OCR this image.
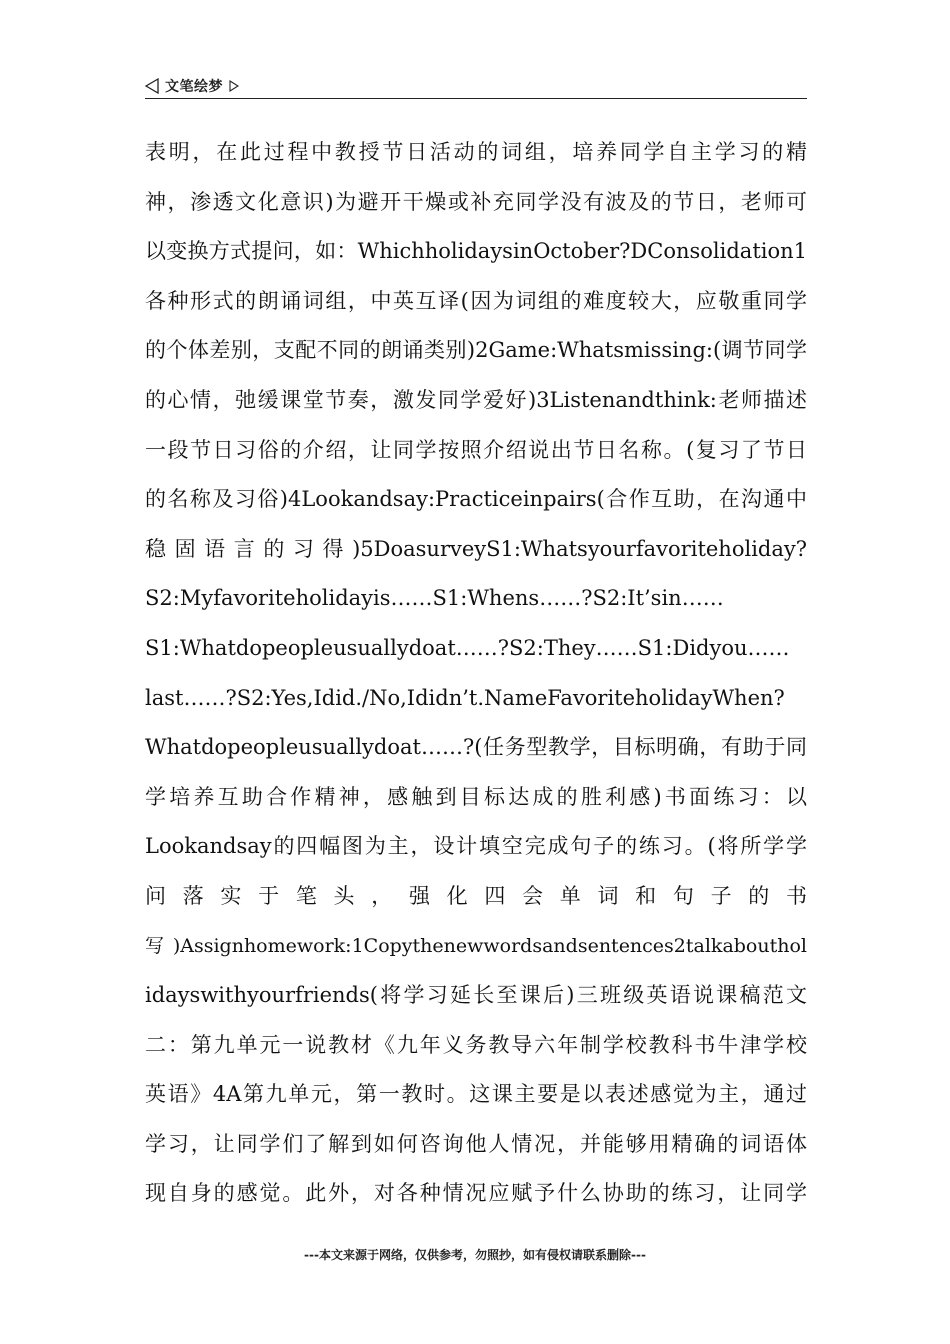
文笔绘梦
表明，在此过程中教授节日活动的词组，培养同学自主学习的精
神，渗透文化意识)为避开干燥或补充同学没有波及的节日，老师可
以变换方式提问，如：WhichholidaysinOctober?DConsolidation1
各种形式的朗诵词组，中英互译(因为词组的难度较大，应敬重同学
的个体差别，支配不同的朗诵类别)2Game:Whatsmissing:(调节同学
的心情，弛缓课堂节奏，激发同学爱好)3Listenandthink:老师描述
一段节日习俗的介绍，让同学按照介绍说出节日名称。(复习了节日
的名称及习俗)4Lookandsay:Practiceinpairs(合作互助，在沟通中
稳 固 语 言 的 习 得 )5DoasurveyS1:Whatsyourfavoriteholiday?
S2:Myfavoriteholidayis……S1:Whens……?S2:It’sin……
S1:Whatdopeopleusuallydoat……?S2:They……S1:Didyou……
last……?S2:Yes,Idid./No,Ididn’t.NameFavoriteholidayWhen?
Whatdopeopleusuallydoat……?(任务型教学，目标明确，有助于同
学培养互助合作精神，感触到目标达成的胜利感)书面练习：以
Lookandsay的四幅图为主，设计填空完成句子的练习。(将所学学
问 落 实 于 笔 头 ， 强 化 四 会 单 词 和 句 子 的 书
写)Assignhomework:1Copythenewwordsandsentences2talkabouthol
idayswithyourfriends(将学习延长至课后)三班级英语说课稿范文
二：第九单元一说教材《九年义务教导六年制学校教科书牛津学校
英语》4A第九单元，第一教时。这课主要是以表述感觉为主，通过
学习，让同学们了解到如何咨询他人情况，并能够用精确的词语体
现自身的感觉。此外，对各种情况应赋予什么协助的练习，让同学
---本文来源于网络，仅供参考，勿照抄，如有侵权请联系删除---
